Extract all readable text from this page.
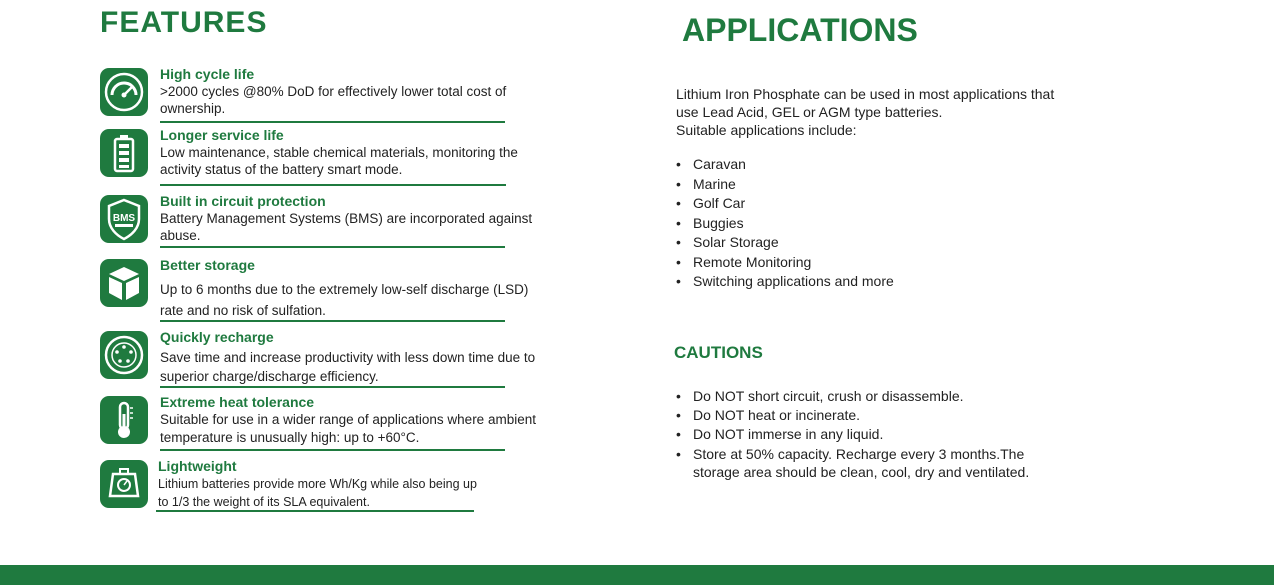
FEATURES

High cycle life

>2000 cycles @80% DoD for effectively lower total cost of ownership.

Longer service life

Low maintenance, stable chemical materials, monitoring the activity status of the battery smart mode.

BMS

Built in circuit protection

Battery Management Systems (BMS) are incorporated against abuse.

Better storage

Up to 6 months due to the extremely low-self discharge (LSD) rate and no risk of sulfation.

Quickly recharge

Save time and increase productivity with less down time due to superior charge/discharge efficiency.

Extreme heat tolerance

Suitable for use in a wider range of applications where ambient temperature is unusually high: up to +60°C.

Lightweight

Lithium batteries provide more Wh/Kg while also being up to 1/3 the weight of its SLA equivalent.

APPLICATIONS

Lithium Iron Phosphate can be used in most applications that use Lead Acid, GEL or AGM type batteries.

Suitable applications include:

• Caravan
• Marine
• Golf Car
• Buggies
• Solar Storage
• Remote Monitoring
• Switching applications and more
CAUTIONS
• Do NOT short circuit, crush or disassemble.
• Do NOT heat or incinerate.
• Do NOT immerse in any liquid.
• Store at 50% capacity. Recharge every 3 months.The storage area should be clean, cool, dry and ventilated.
